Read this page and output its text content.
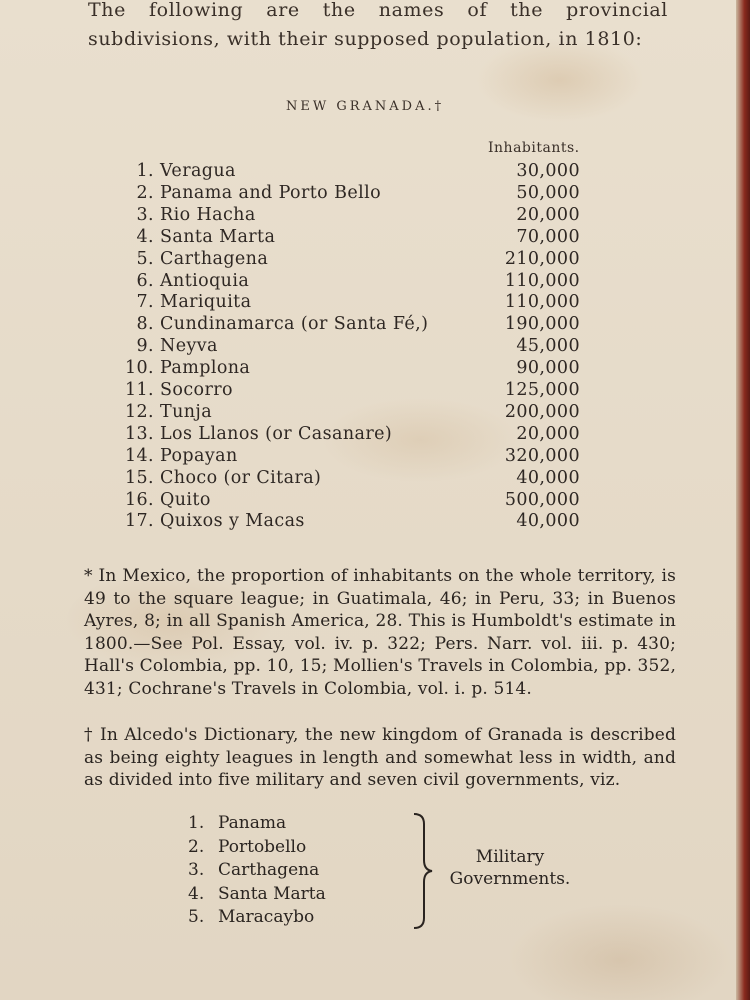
The following are the names of the provincial subdivisions, with their supposed population, in 1810:
NEW GRANADA.†
Inhabitants.
1. Veragua	30,000
2. Panama and Porto Bello	50,000
3. Rio Hacha	20,000
4. Santa Marta	70,000
5. Carthagena	210,000
6. Antioquia	110,000
7. Mariquita	110,000
8. Cundinamarca (or Santa Fé,)	190,000
9. Neyva	45,000
10. Pamplona	90,000
11. Socorro	125,000
12. Tunja	200,000
13. Los Llanos (or Casanare)	20,000
14. Popayan	320,000
15. Choco (or Citara)	40,000
16. Quito	500,000
17. Quixos y Macas	40,000
* In Mexico, the proportion of inhabitants on the whole territory, is 49 to the square league; in Guatimala, 46; in Peru, 33; in Buenos Ayres, 8; in all Spanish America, 28. This is Humboldt's estimate in 1800.—See Pol. Essay, vol. iv. p. 322; Pers. Narr. vol. iii. p. 430; Hall's Colombia, pp. 10, 15; Mollien's Travels in Colombia, pp. 352, 431; Cochrane's Travels in Colombia, vol. i. p. 514.
† In Alcedo's Dictionary, the new kingdom of Granada is described as being eighty leagues in length and somewhat less in width, and as divided into five military and seven civil governments, viz.
1. Panama
2. Portobello
3. Carthagena
4. Santa Marta
5. Maracaybo
Military
Governments.
